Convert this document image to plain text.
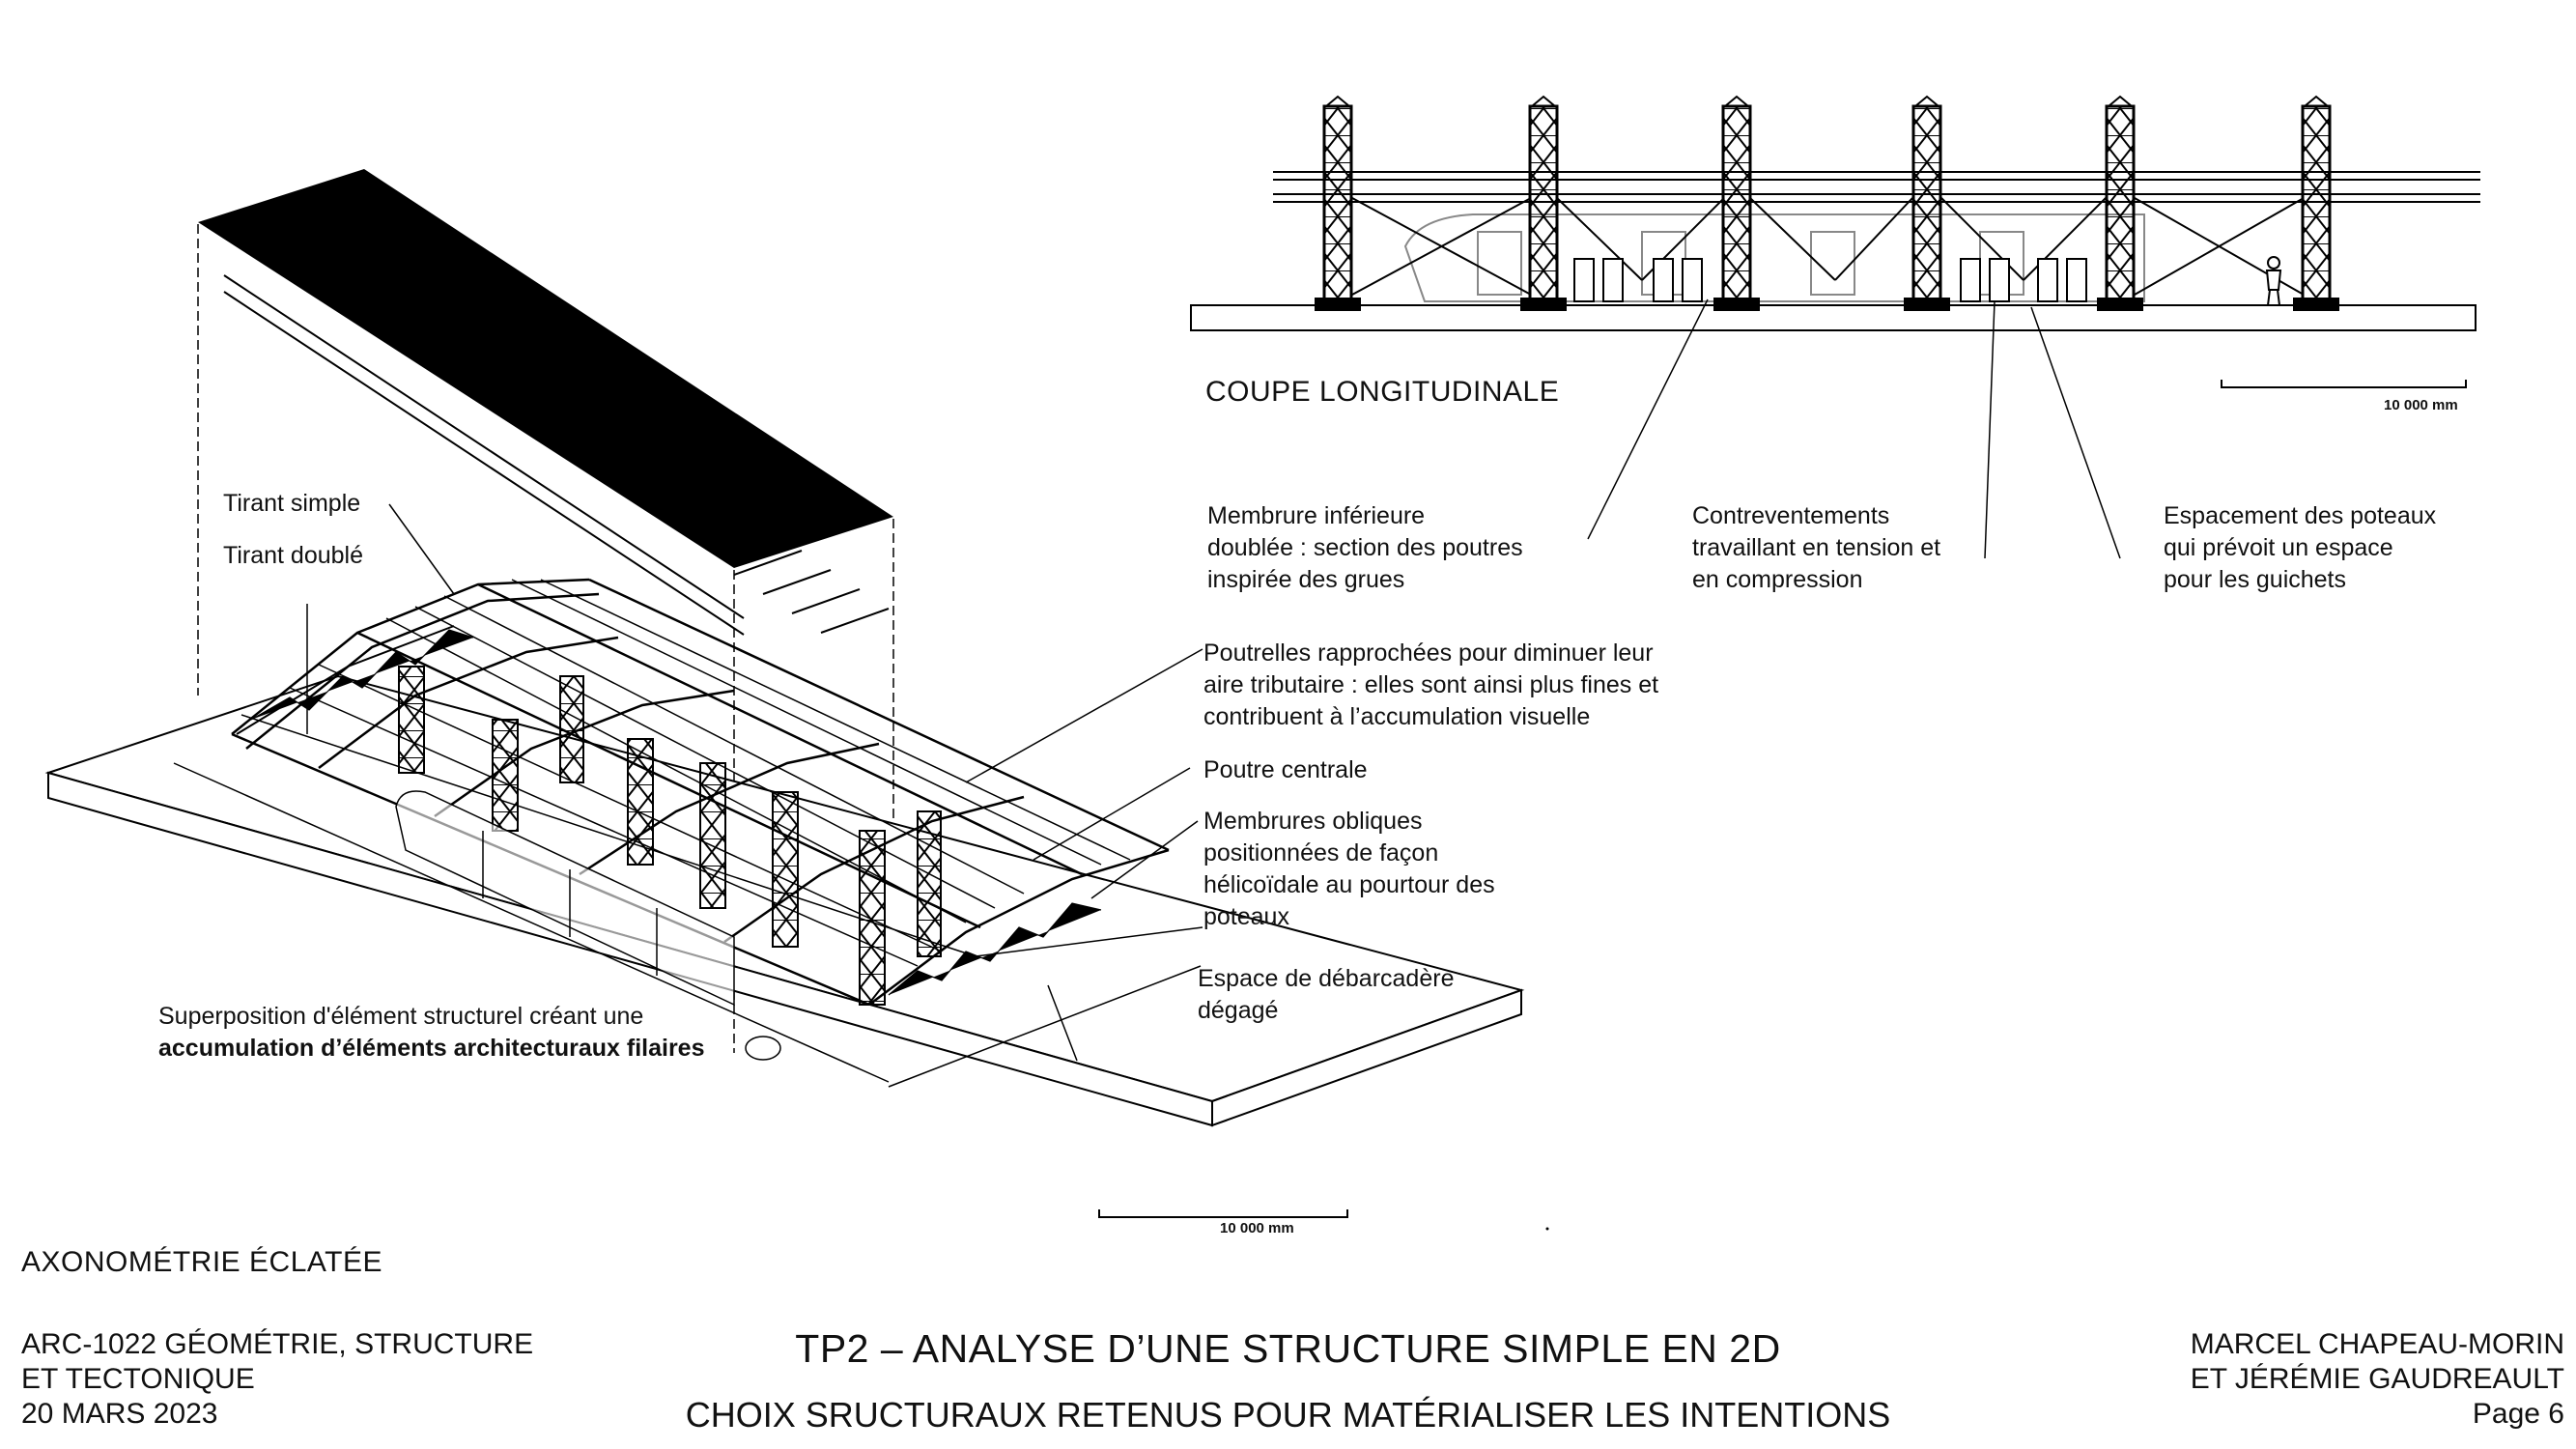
COUPE LONGITUDINALE	10 000 mm
Membrure inférieure
doublée : section des poutres
inspirée des grues
Contreventements
travaillant en tension et
en compression
Espacement des poteaux
qui prévoit un espace
pour les guichets
Tirant simple
Tirant doublé
Poutrelles rapprochées pour diminuer leur
aire tributaire : elles sont ainsi plus fines et
contribuent à l’accumulation visuelle
Poutre centrale
Membrures obliques
positionnées de façon
hélicoïdale au pourtour des
poteaux
Espace de débarcadère
dégagé
Superposition d'élément structurel créant une
accumulation d’éléments architecturaux filaires
10 000 mm
AXONOMÉTRIE ÉCLATÉE
ARC-1022 GÉOMÉTRIE, STRUCTURE
ET TECTONIQUE
20 MARS 2023
TP2 – ANALYSE D’UNE STRUCTURE SIMPLE EN 2D
CHOIX SRUCTURAUX RETENUS POUR MATÉRIALISER LES INTENTIONS
MARCEL CHAPEAU-MORIN
ET JÉRÉMIE GAUDREAULT
Page 6
